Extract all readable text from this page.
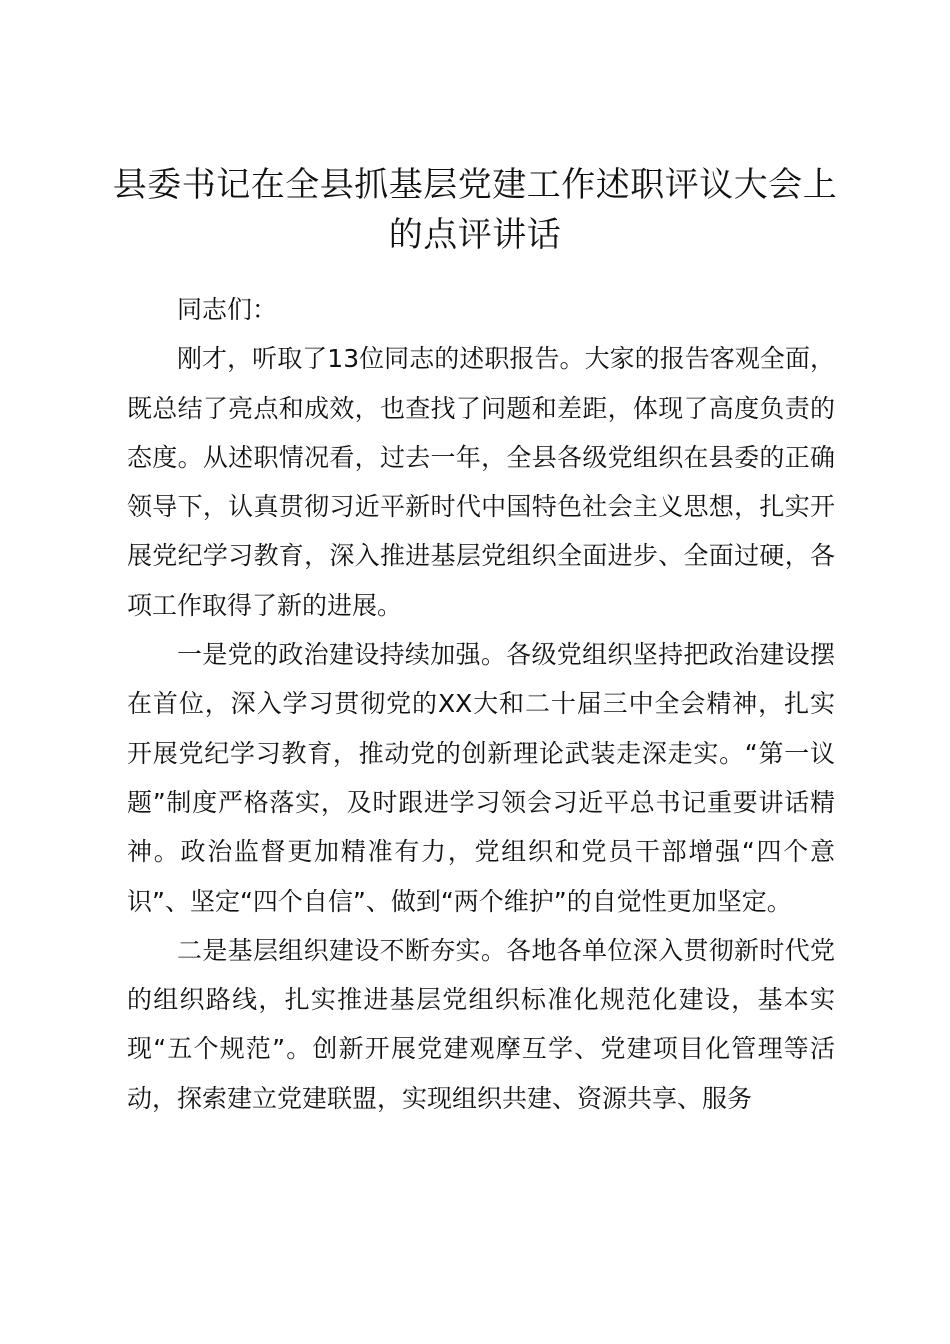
县委书记在全县抓基层党建工作述职评议大会上的点评讲话

同志们：

刚才，听取了13位同志的述职报告。大家的报告客观全面，既总结了亮点和成效，也查找了问题和差距，体现了高度负责的态度。从述职情况看，过去一年，全县各级党组织在县委的正确领导下，认真贯彻习近平新时代中国特色社会主义思想，扎实开展党纪学习教育，深入推进基层党组织全面进步、全面过硬，各项工作取得了新的进展。

一是党的政治建设持续加强。各级党组织坚持把政治建设摆在首位，深入学习贯彻党的XX大和二十届三中全会精神，扎实开展党纪学习教育，推动党的创新理论武装走深走实。“第一议题”制度严格落实，及时跟进学习领会习近平总书记重要讲话精神。政治监督更加精准有力，党组织和党员干部增强“四个意识”、坚定“四个自信”、做到“两个维护”的自觉性更加坚定。

二是基层组织建设不断夯实。各地各单位深入贯彻新时代党的组织路线，扎实推进基层党组织标准化规范化建设，基本实现“五个规范”。创新开展党建观摩互学、党建项目化管理等活动，探索建立党建联盟，实现组织共建、资源共享、服务
